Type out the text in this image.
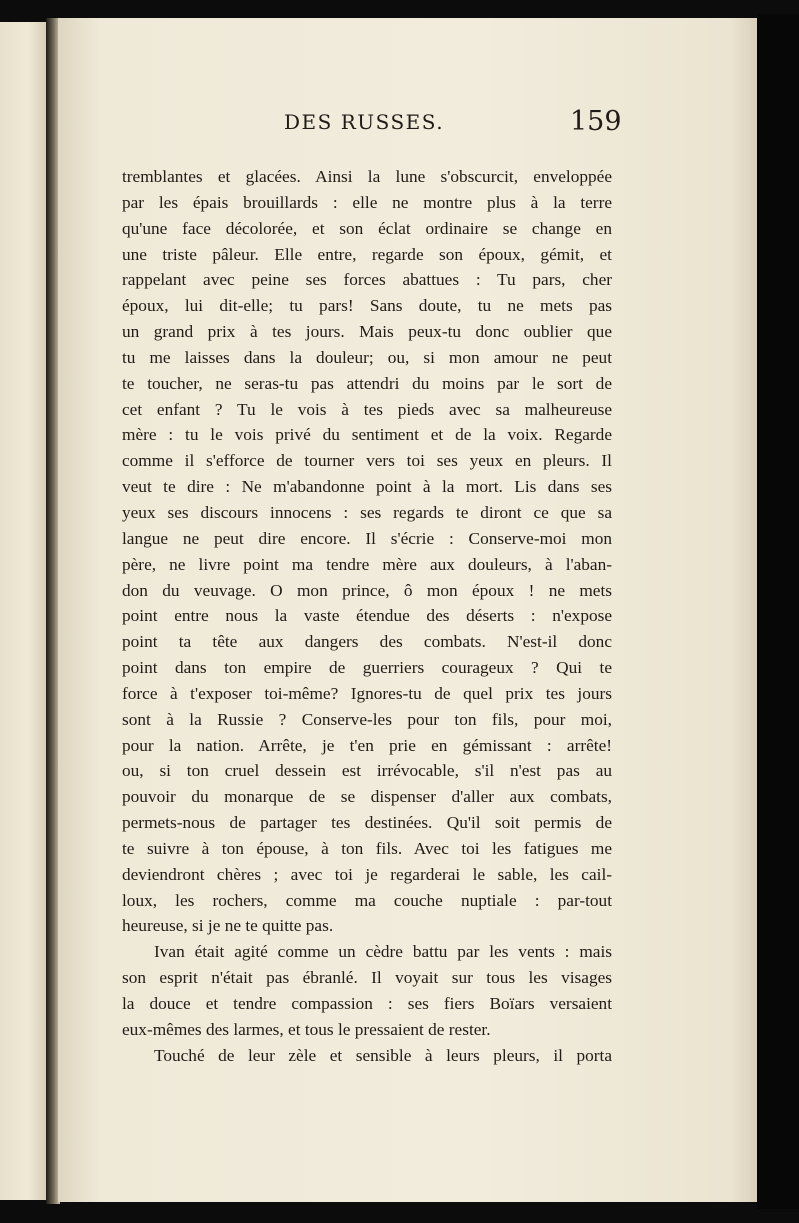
DES RUSSES.	159
tremblantes et glacées. Ainsi la lune s'obscurcit, enveloppée
par les épais brouillards : elle ne montre plus à la terre
qu'une face décolorée, et son éclat ordinaire se change en
une triste pâleur. Elle entre, regarde son époux, gémit, et
rappelant avec peine ses forces abattues : Tu pars, cher
époux, lui dit-elle; tu pars! Sans doute, tu ne mets pas
un grand prix à tes jours. Mais peux-tu donc oublier que
tu me laisses dans la douleur; ou, si mon amour ne peut
te toucher, ne seras-tu pas attendri du moins par le sort de
cet enfant ? Tu le vois à tes pieds avec sa malheureuse
mère : tu le vois privé du sentiment et de la voix. Regarde
comme il s'efforce de tourner vers toi ses yeux en pleurs. Il
veut te dire : Ne m'abandonne point à la mort. Lis dans ses
yeux ses discours innocens : ses regards te diront ce que sa
langue ne peut dire encore. Il s'écrie : Conserve-moi mon
père, ne livre point ma tendre mère aux douleurs, à l'aban-
don du veuvage. O mon prince, ô mon époux ! ne mets
point entre nous la vaste étendue des déserts : n'expose
point ta tête aux dangers des combats. N'est-il donc
point dans ton empire de guerriers courageux ? Qui te
force à t'exposer toi-même? Ignores-tu de quel prix tes jours
sont à la Russie ? Conserve-les pour ton fils, pour moi,
pour la nation. Arrête, je t'en prie en gémissant : arrête!
ou, si ton cruel dessein est irrévocable, s'il n'est pas au
pouvoir du monarque de se dispenser d'aller aux combats,
permets-nous de partager tes destinées. Qu'il soit permis de
te suivre à ton épouse, à ton fils. Avec toi les fatigues me
deviendront chères ; avec toi je regarderai le sable, les cail-
loux, les rochers, comme ma couche nuptiale : par-tout
heureuse, si je ne te quitte pas.
Ivan était agité comme un cèdre battu par les vents : mais
son esprit n'était pas ébranlé. Il voyait sur tous les visages
la douce et tendre compassion : ses fiers Boïars versaient
eux-mêmes des larmes, et tous le pressaient de rester.
Touché de leur zèle et sensible à leurs pleurs, il porta
